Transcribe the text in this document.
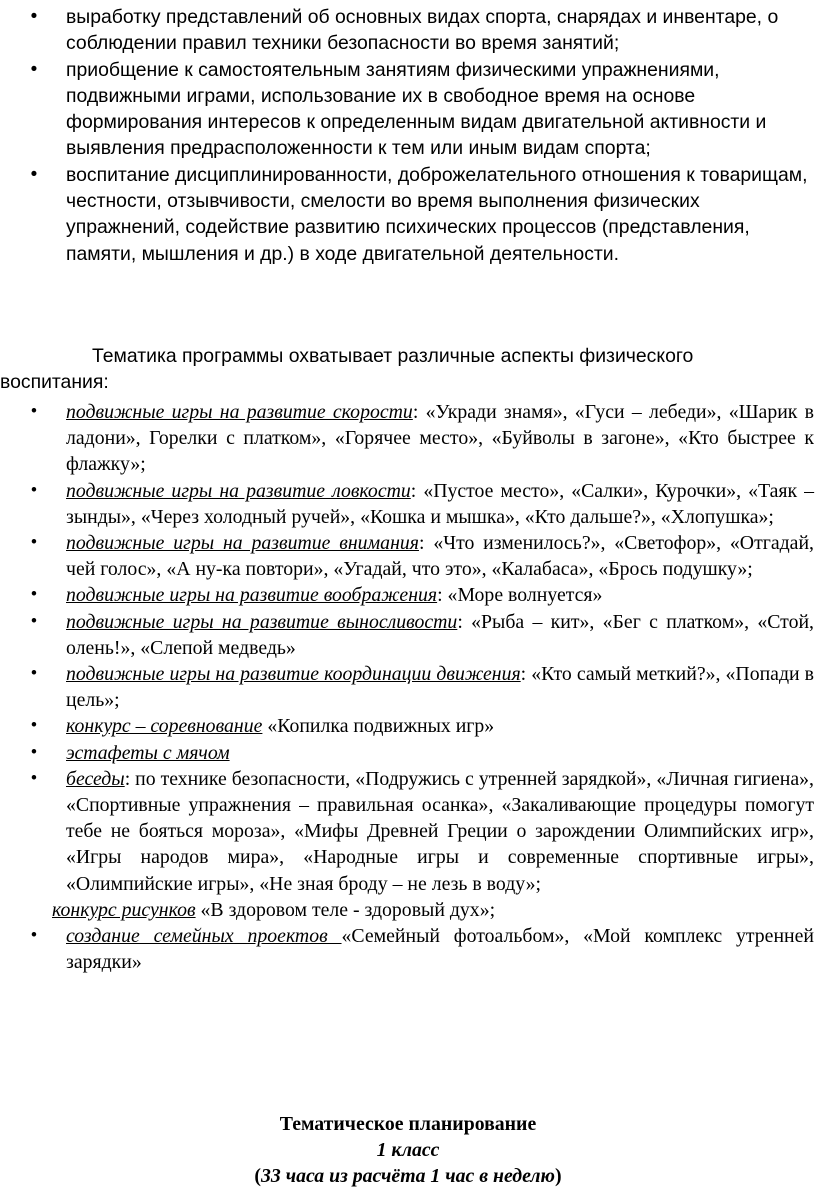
• выработку представлений об основных видах спорта, снарядах и инвентаре, о соблюдении правил техники безопасности во время занятий;
• приобщение к самостоятельным занятиям физическими упражнениями, подвижными играми, использование их в свободное время на основе формирования интересов к определенным видам двигательной активности и выявления предрасположенности к тем или иным видам спорта;
• воспитание дисциплинированности, доброжелательного отношения к товарищам, честности, отзывчивости, смелости во время выполнения физических упражнений, содействие развитию психических процессов (представления, памяти, мышления и др.) в ходе двигательной деятельности.
Тематика программы охватывает различные аспекты физического
воспитания:
• подвижные игры на развитие скорости: «Укради знамя», «Гуси – лебеди», «Шарик в ладони», Горелки с платком», «Горячее место», «Буйволы в загоне», «Кто быстрее к флажку»;
• подвижные игры на развитие ловкости: «Пустое место», «Салки», Курочки», «Таяк –зынды», «Через холодный ручей», «Кошка и мышка», «Кто дальше?», «Хлопушка»;
• подвижные игры на развитие внимания: «Что изменилось?», «Светофор», «Отгадай, чей голос», «А ну-ка повтори», «Угадай, что это», «Калабаса», «Брось подушку»;
• подвижные игры на развитие воображения: «Море волнуется»
• подвижные игры на развитие выносливости: «Рыба – кит», «Бег с платком», «Стой, олень!», «Слепой медведь»
• подвижные игры на развитие координации движения: «Кто самый меткий?», «Попади в цель»;
• конкурс – соревнование «Копилка подвижных игр»
• эстафеты с мячом
• беседы: по технике безопасности, «Подружись с утренней зарядкой», «Личная гигиена», «Спортивные упражнения – правильная осанка», «Закаливающие процедуры помогут тебе не бояться мороза», «Мифы Древней Греции о зарождении Олимпийских игр», «Игры народов мира», «Народные игры и современные спортивные игры», «Олимпийские игры», «Не зная броду – не лезь в воду»;
конкурс рисунков «В здоровом теле - здоровый дух»;
• создание семейных проектов «Семейный фотоальбом», «Мой комплекс утренней зарядки»
Тематическое планирование
1 класс
(33 часа из расчёта 1 час в неделю)
